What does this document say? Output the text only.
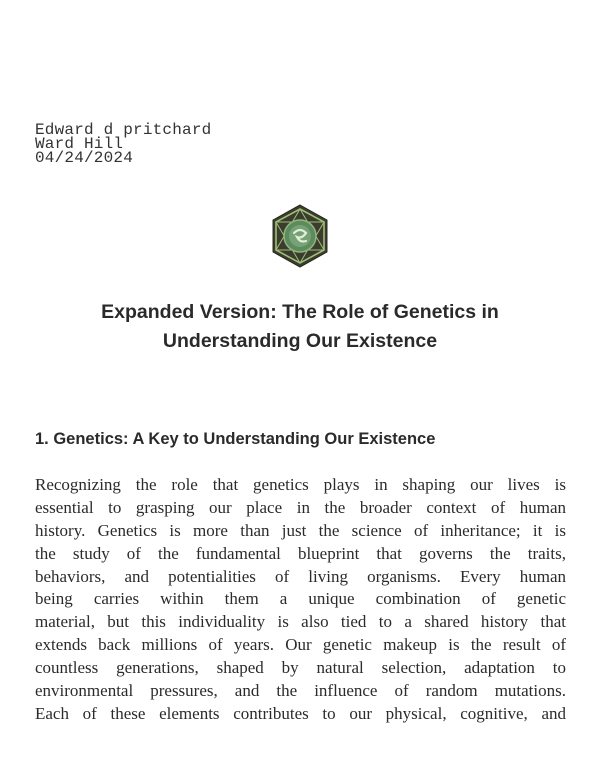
Edward d pritchard
Ward Hill
04/24/2024
Expanded Version: The Role of Genetics in
Understanding Our Existence
1. Genetics: A Key to Understanding Our Existence
Recognizing the role that genetics plays in shaping our lives is
essential to grasping our place in the broader context of human
history. Genetics is more than just the science of inheritance; it is
the study of the fundamental blueprint that governs the traits,
behaviors, and potentialities of living organisms. Every human
being carries within them a unique combination of genetic
material, but this individuality is also tied to a shared history that
extends back millions of years. Our genetic makeup is the result of
countless generations, shaped by natural selection, adaptation to
environmental pressures, and the influence of random mutations.
Each of these elements contributes to our physical, cognitive, and
